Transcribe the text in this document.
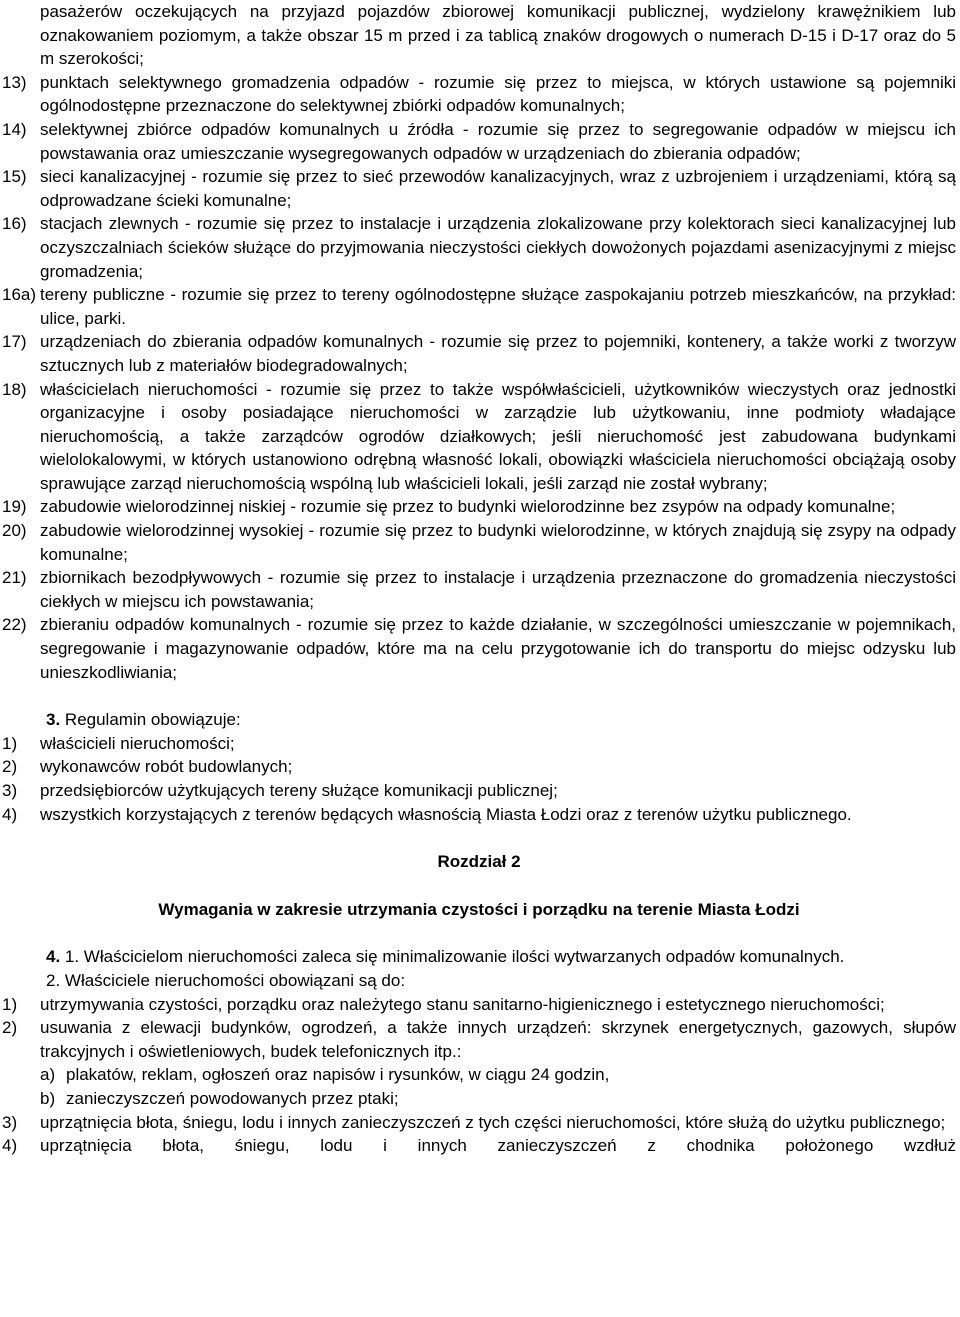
pasażerów oczekujących na przyjazd pojazdów zbiorowej komunikacji publicznej, wydzielony krawężnikiem lub oznakowaniem poziomym, a także obszar 15 m przed i za tablicą znaków drogowych o numerach D-15 i D-17 oraz do 5 m szerokości;
13) punktach selektywnego gromadzenia odpadów - rozumie się przez to miejsca, w których ustawione są pojemniki ogólnodostępne przeznaczone do selektywnej zbiórki odpadów komunalnych;
14) selektywnej zbiórce odpadów komunalnych u źródła - rozumie się przez to segregowanie odpadów w miejscu ich powstawania oraz umieszczanie wysegregowanych odpadów w urządzeniach do zbierania odpadów;
15) sieci kanalizacyjnej - rozumie się przez to sieć przewodów kanalizacyjnych, wraz z uzbrojeniem i urządzeniami, którą są odprowadzane ścieki komunalne;
16) stacjach zlewnych - rozumie się przez to instalacje i urządzenia zlokalizowane przy kolektorach sieci kanalizacyjnej lub oczyszczalniach ścieków służące do przyjmowania nieczystości ciekłych dowożonych pojazdami asenizacyjnymi z miejsc gromadzenia;
16a) tereny publiczne - rozumie się przez to tereny ogólnodostępne służące zaspokajaniu potrzeb mieszkańców, na przykład: ulice, parki.
17) urządzeniach do zbierania odpadów komunalnych - rozumie się przez to pojemniki, kontenery, a także worki z tworzyw sztucznych lub z materiałów biodegradowalnych;
18) właścicielach nieruchomości - rozumie się przez to także współwłaścicieli, użytkowników wieczystych oraz jednostki organizacyjne i osoby posiadające nieruchomości w zarządzie lub użytkowaniu, inne podmioty władające nieruchomością, a także zarządców ogrodów działkowych; jeśli nieruchomość jest zabudowana budynkami wielolokalowymi, w których ustanowiono odrębną własność lokali, obowiązki właściciela nieruchomości obciążają osoby sprawujące zarząd nieruchomością wspólną lub właścicieli lokali, jeśli zarząd nie został wybrany;
19) zabudowie wielorodzinnej niskiej - rozumie się przez to budynki wielorodzinne bez zsypów na odpady komunalne;
20) zabudowie wielorodzinnej wysokiej - rozumie się przez to budynki wielorodzinne, w których znajdują się zsypy na odpady komunalne;
21) zbiornikach bezodpływowych - rozumie się przez to instalacje i urządzenia przeznaczone do gromadzenia nieczystości ciekłych w miejscu ich powstawania;
22) zbieraniu odpadów komunalnych - rozumie się przez to każde działanie, w szczególności umieszczanie w pojemnikach, segregowanie i magazynowanie odpadów, które ma na celu przygotowanie ich do transportu do miejsc odzysku lub unieszkodliwiania;
3. Regulamin obowiązuje:
1)	właścicieli nieruchomości;
2)	wykonawców robót budowlanych;
3)	przedsiębiorców użytkujących tereny służące komunikacji publicznej;
4)	wszystkich korzystających z terenów będących własnością Miasta Łodzi oraz z terenów użytku publicznego.
Rozdział 2
Wymagania w zakresie utrzymania czystości i porządku na terenie Miasta Łodzi
4. 1. Właścicielom nieruchomości zaleca się minimalizowanie ilości wytwarzanych odpadów komunalnych.
2. Właściciele nieruchomości obowiązani są do:
1)	utrzymywania czystości, porządku oraz należytego stanu sanitarno-higienicznego i estetycznego nieruchomości;
2)	usuwania z elewacji budynków, ogrodzeń, a także innych urządzeń: skrzynek energetycznych, gazowych, słupów trakcyjnych i oświetleniowych, budek telefonicznych itp.:
a) plakatów, reklam, ogłoszeń oraz napisów i rysunków, w ciągu 24 godzin,
b) zanieczyszczeń powodowanych przez ptaki;
3)	uprzątnięcia błota, śniegu, lodu i innych zanieczyszczeń z tych części nieruchomości, które służą do użytku publicznego;
4)	uprzątnięcia błota, śniegu, lodu i innych zanieczyszczeń z chodnika położonego wzdłuż
